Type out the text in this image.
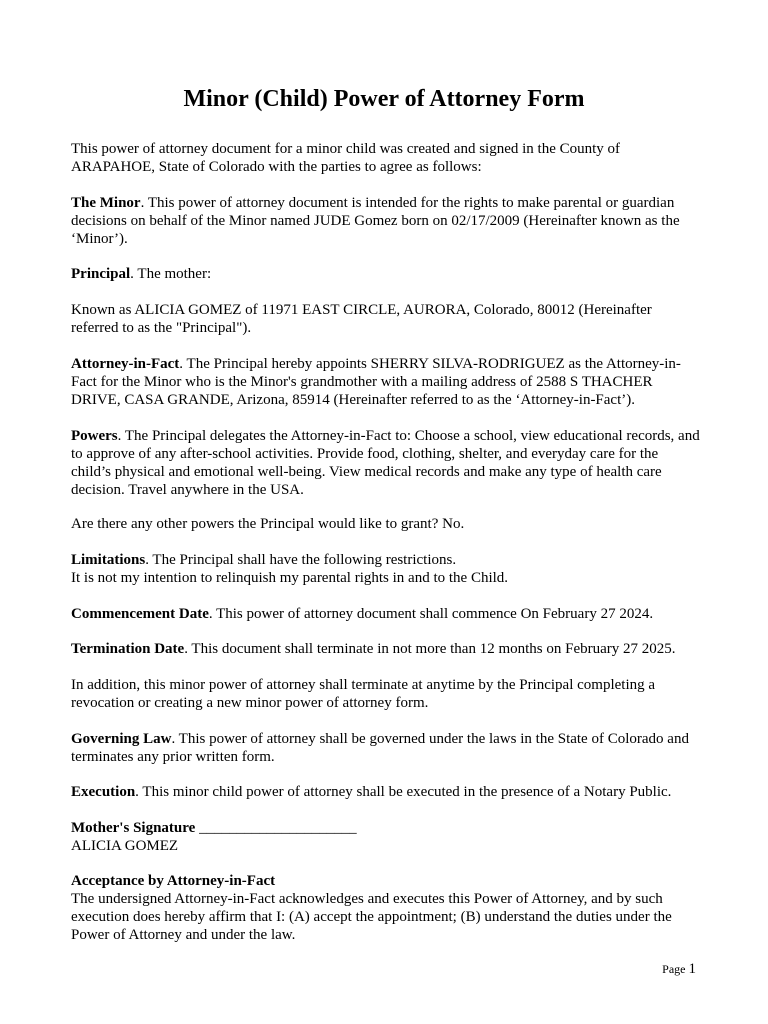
Minor (Child) Power of Attorney Form

This power of attorney document for a minor child was created and signed in the County of ARAPAHOE, State of Colorado with the parties to agree as follows:

The Minor. This power of attorney document is intended for the rights to make parental or guardian decisions on behalf of the Minor named JUDE Gomez born on 02/17/2009 (Hereinafter known as the ‘Minor’).

Principal. The mother:

Known as ALICIA GOMEZ of 11971 EAST CIRCLE, AURORA, Colorado, 80012 (Hereinafter referred to as the "Principal").

Attorney-in-Fact. The Principal hereby appoints SHERRY SILVA-RODRIGUEZ as the Attorney-in-Fact for the Minor who is the Minor's grandmother with a mailing address of 2588 S THACHER DRIVE, CASA GRANDE, Arizona, 85914 (Hereinafter referred to as the ‘Attorney-in-Fact’).

Powers. The Principal delegates the Attorney-in-Fact to: Choose a school, view educational records, and to approve of any after-school activities. Provide food, clothing, shelter, and everyday care for the child’s physical and emotional well-being. View medical records and make any type of health care decision. Travel anywhere in the USA.

Are there any other powers the Principal would like to grant? No.

Limitations. The Principal shall have the following restrictions.
It is not my intention to relinquish my parental rights in and to the Child.

Commencement Date. This power of attorney document shall commence On February 27 2024.

Termination Date. This document shall terminate in not more than 12 months on February 27 2025.

In addition, this minor power of attorney shall terminate at anytime by the Principal completing a revocation or creating a new minor power of attorney form.

Governing Law. This power of attorney shall be governed under the laws in the State of Colorado and terminates any prior written form.

Execution. This minor child power of attorney shall be executed in the presence of a Notary Public.

Mother's Signature _____________________
ALICIA GOMEZ

Acceptance by Attorney-in-Fact
The undersigned Attorney-in-Fact acknowledges and executes this Power of Attorney, and by such execution does hereby affirm that I: (A) accept the appointment; (B) understand the duties under the Power of Attorney and under the law.

Page 1
